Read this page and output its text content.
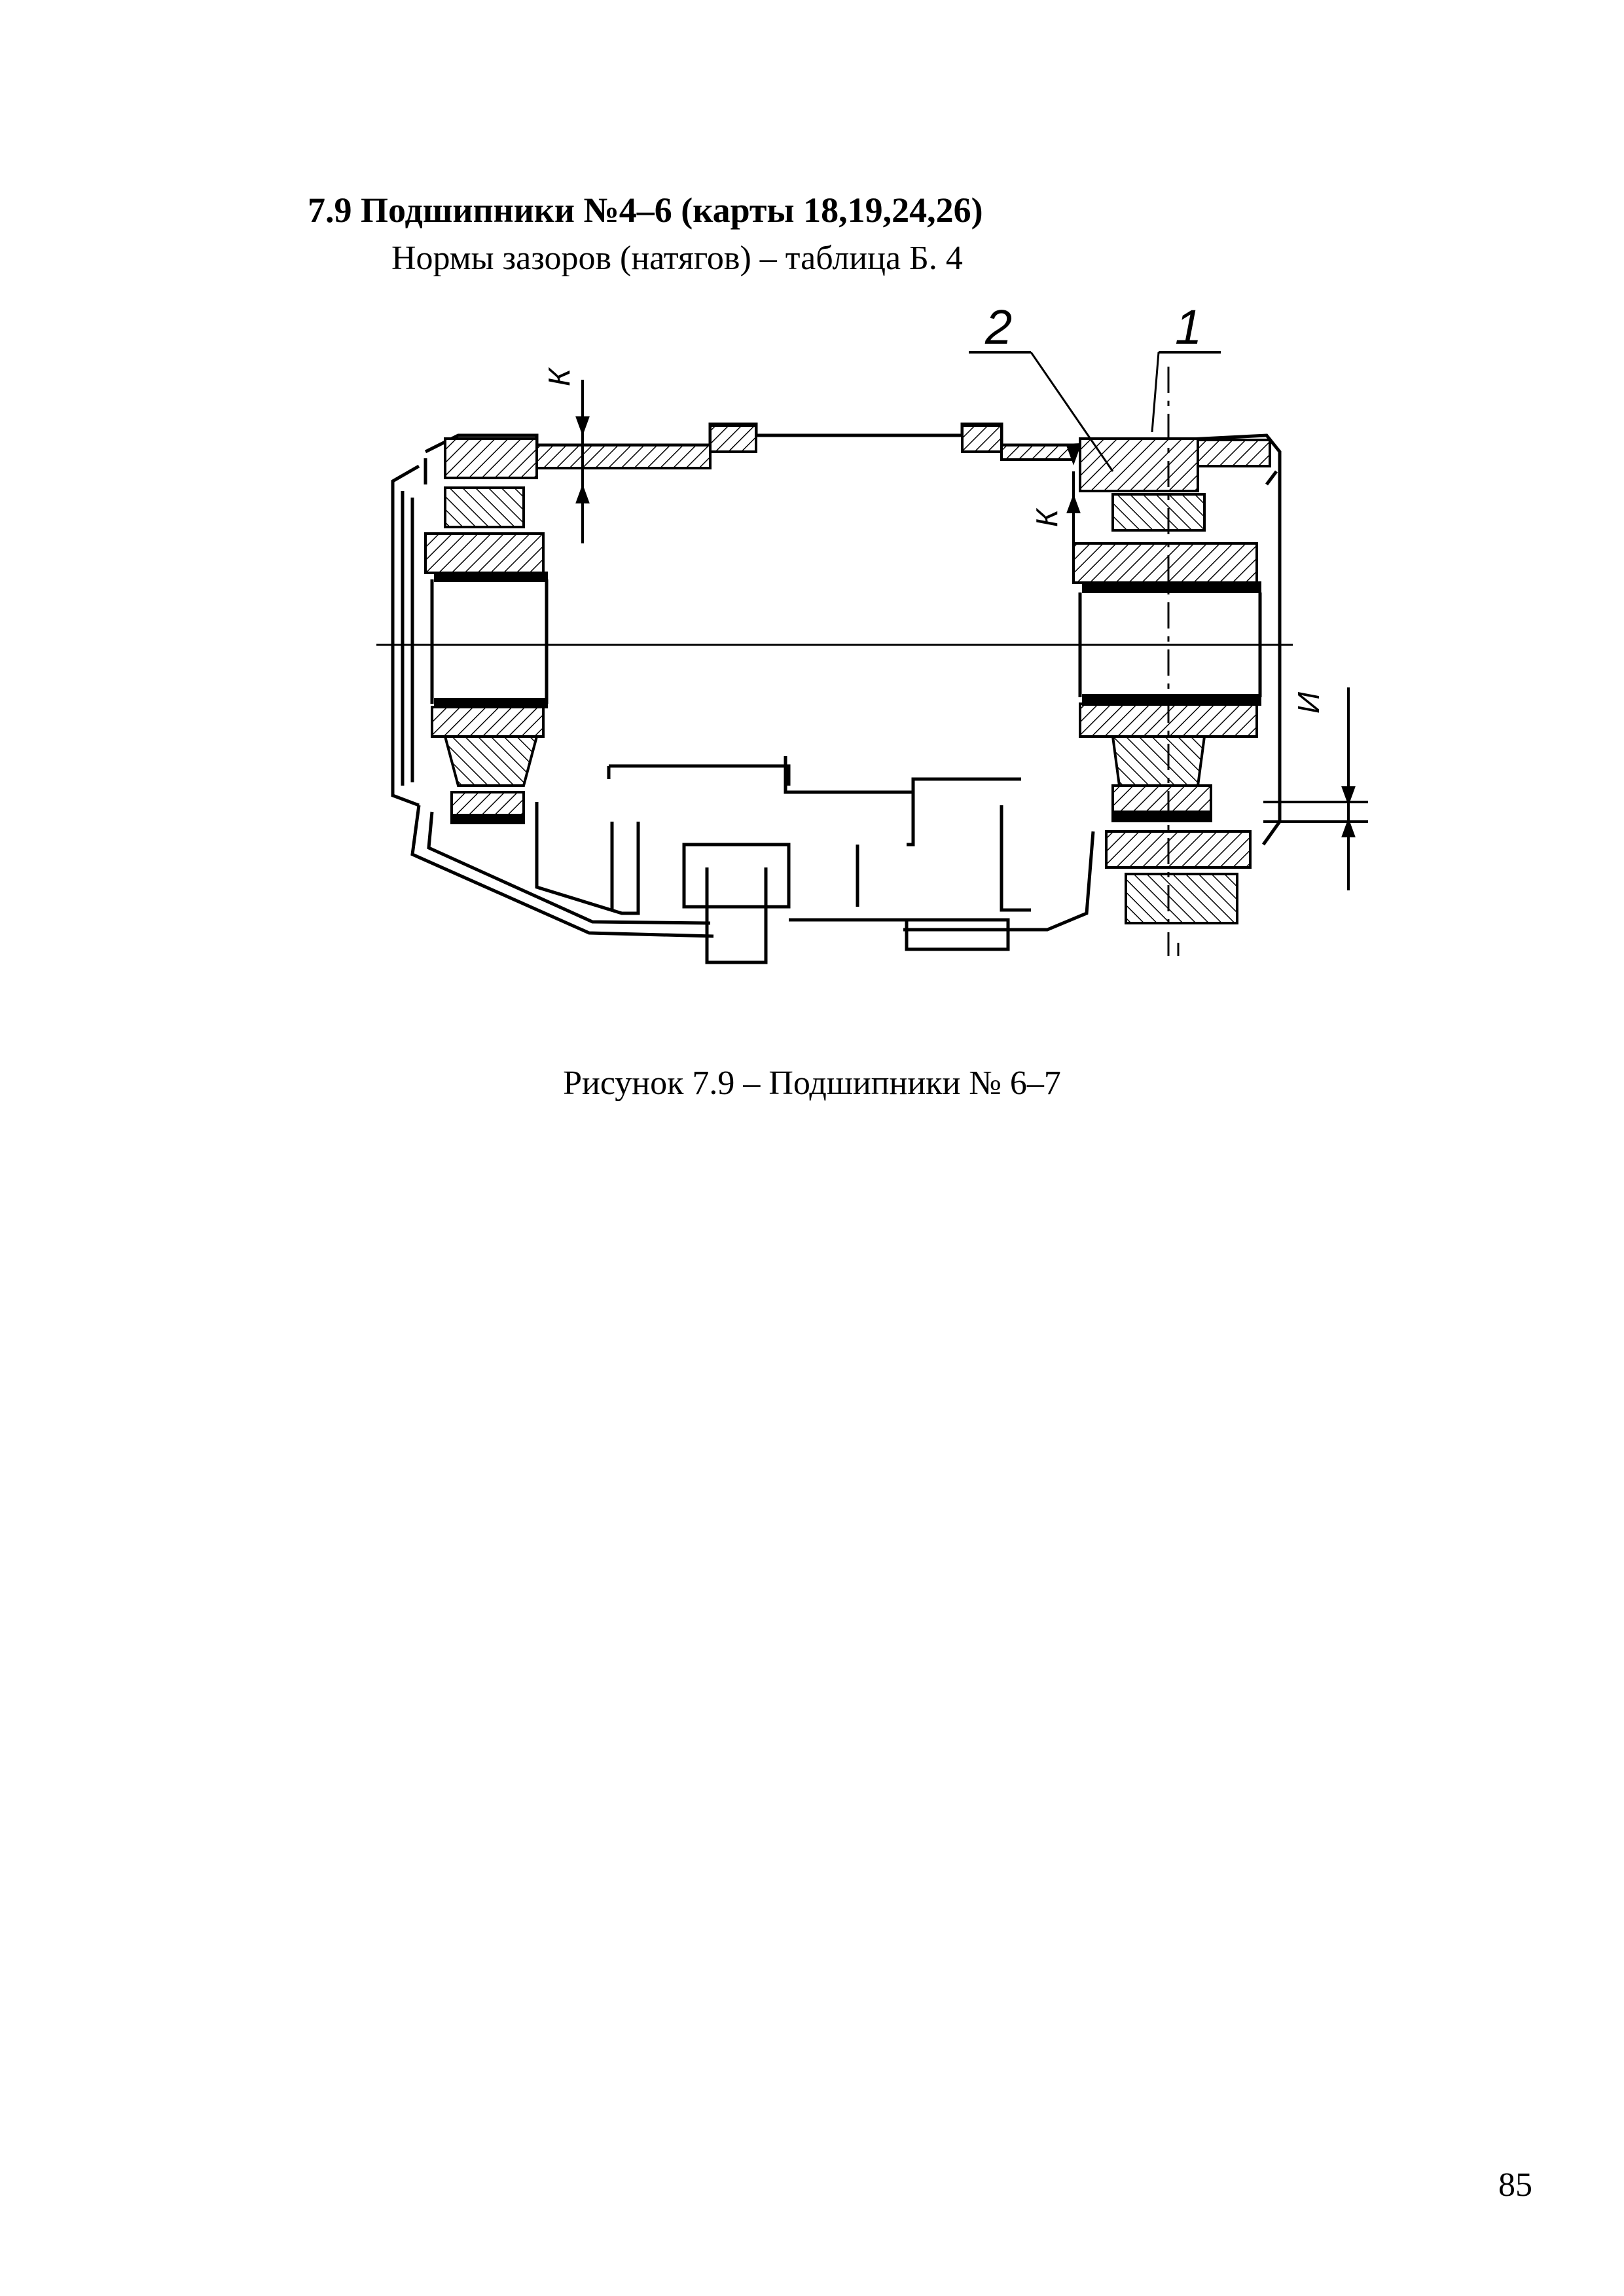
7.9 Подшипники №4–6 (карты 18,19,24,26)
Нормы зазоров (натягов) – таблица Б. 4
2	1
К
К
И
Рисунок 7.9 – Подшипники № 6–7
85
